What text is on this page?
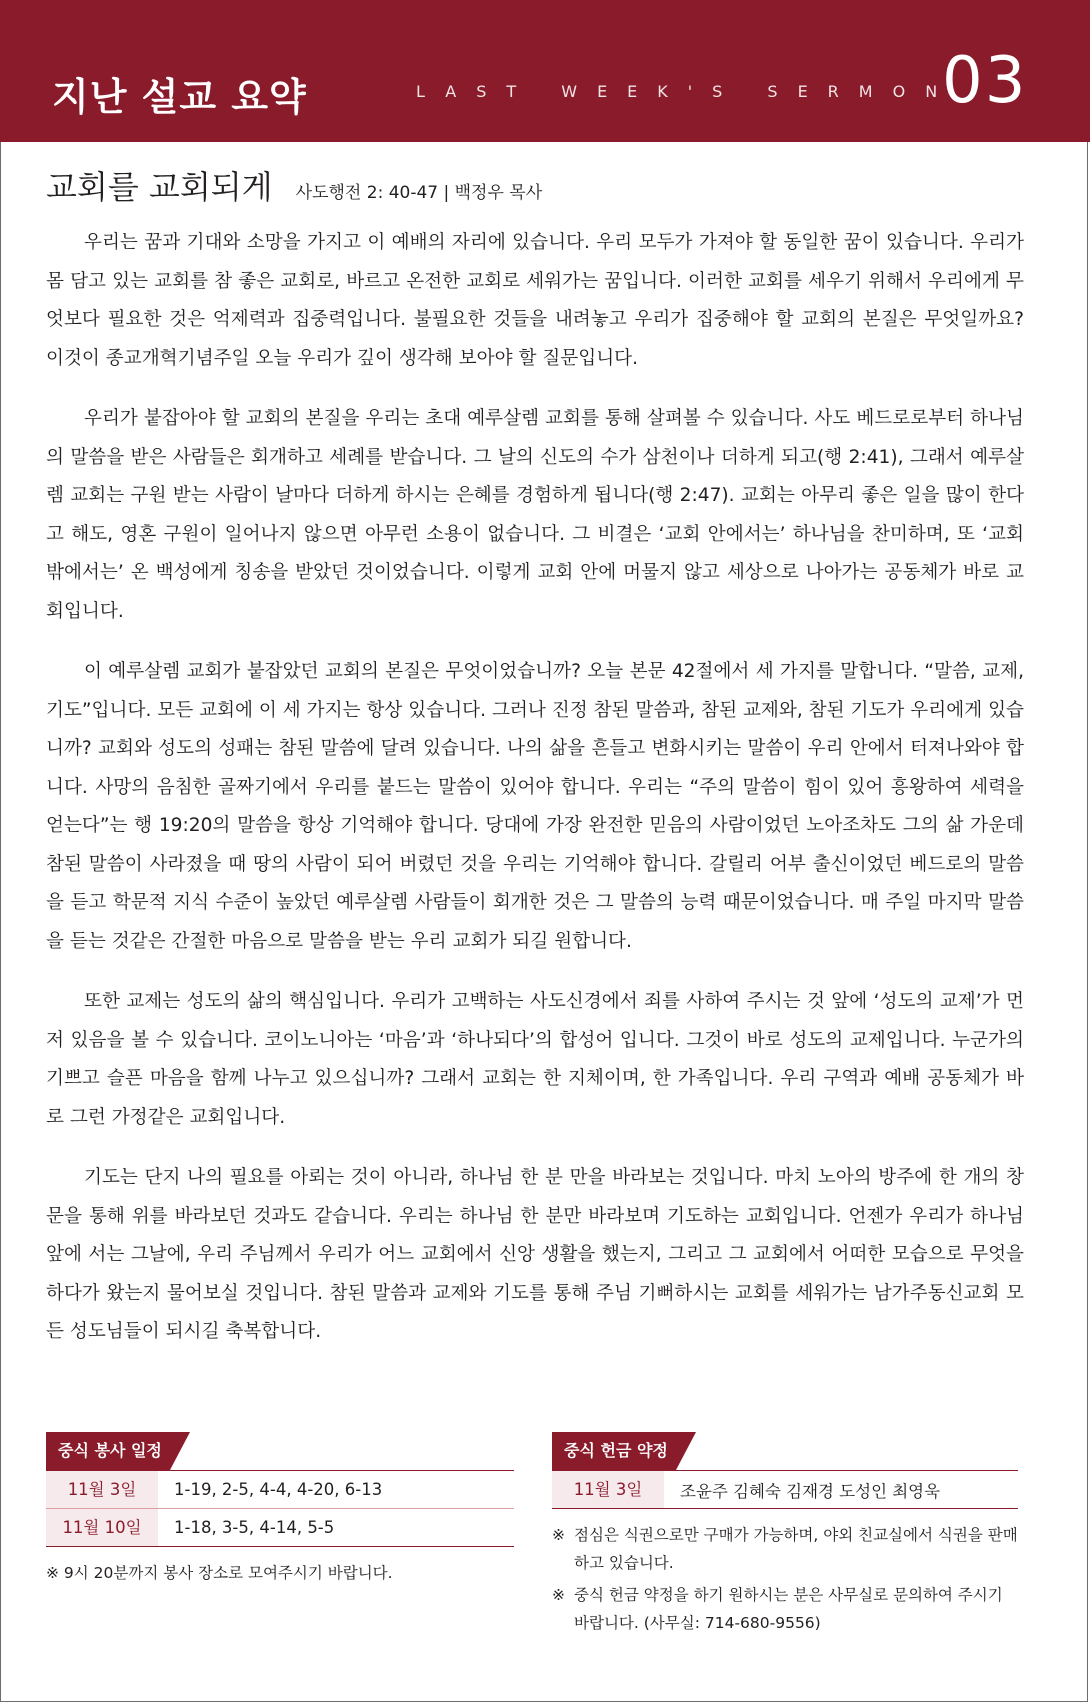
지난 설교 요약	LAST WEEK'S SERMON
03
교회를 교회되게 사도행전 2: 40-47 | 백정우 목사

우리는 꿈과 기대와 소망을 가지고 이 예배의 자리에 있습니다. 우리 모두가 가져야 할 동일한 꿈이 있습니다. 우리가 몸 담고 있는 교회를 참 좋은 교회로, 바르고 온전한 교회로 세워가는 꿈입니다. 이러한 교회를 세우기 위해서 우리에게 무엇보다 필요한 것은 억제력과 집중력입니다. 불필요한 것들을 내려놓고 우리가 집중해야 할 교회의 본질은 무엇일까요? 이것이 종교개혁기념주일 오늘 우리가 깊이 생각해 보아야 할 질문입니다.

우리가 붙잡아야 할 교회의 본질을 우리는 초대 예루살렘 교회를 통해 살펴볼 수 있습니다. 사도 베드로로부터 하나님의 말씀을 받은 사람들은 회개하고 세례를 받습니다. 그 날의 신도의 수가 삼천이나 더하게 되고(행 2:41), 그래서 예루살렘 교회는 구원 받는 사람이 날마다 더하게 하시는 은혜를 경험하게 됩니다(행 2:47). 교회는 아무리 좋은 일을 많이 한다고 해도, 영혼 구원이 일어나지 않으면 아무런 소용이 없습니다. 그 비결은 ‘교회 안에서는’ 하나님을 찬미하며, 또 ‘교회 밖에서는’ 온 백성에게 칭송을 받았던 것이었습니다. 이렇게 교회 안에 머물지 않고 세상으로 나아가는 공동체가 바로 교회입니다.

이 예루살렘 교회가 붙잡았던 교회의 본질은 무엇이었습니까? 오늘 본문 42절에서 세 가지를 말합니다. “말씀, 교제, 기도”입니다. 모든 교회에 이 세 가지는 항상 있습니다. 그러나 진정 참된 말씀과, 참된 교제와, 참된 기도가 우리에게 있습니까? 교회와 성도의 성패는 참된 말씀에 달려 있습니다. 나의 삶을 흔들고 변화시키는 말씀이 우리 안에서 터져나와야 합니다. 사망의 음침한 골짜기에서 우리를 붙드는 말씀이 있어야 합니다. 우리는 “주의 말씀이 힘이 있어 흥왕하여 세력을 얻는다”는 행 19:20의 말씀을 항상 기억해야 합니다. 당대에 가장 완전한 믿음의 사람이었던 노아조차도 그의 삶 가운데 참된 말씀이 사라졌을 때 땅의 사람이 되어 버렸던 것을 우리는 기억해야 합니다. 갈릴리 어부 출신이었던 베드로의 말씀을 듣고 학문적 지식 수준이 높았던 예루살렘 사람들이 회개한 것은 그 말씀의 능력 때문이었습니다. 매 주일 마지막 말씀을 듣는 것같은 간절한 마음으로 말씀을 받는 우리 교회가 되길 원합니다.

또한 교제는 성도의 삶의 핵심입니다. 우리가 고백하는 사도신경에서 죄를 사하여 주시는 것 앞에 ‘성도의 교제’가 먼저 있음을 볼 수 있습니다. 코이노니아는 ‘마음’과 ‘하나되다’의 합성어 입니다. 그것이 바로 성도의 교제입니다. 누군가의 기쁘고 슬픈 마음을 함께 나누고 있으십니까? 그래서 교회는 한 지체이며, 한 가족입니다. 우리 구역과 예배 공동체가 바로 그런 가정같은 교회입니다.

기도는 단지 나의 필요를 아뢰는 것이 아니라, 하나님 한 분 만을 바라보는 것입니다. 마치 노아의 방주에 한 개의 창문을 통해 위를 바라보던 것과도 같습니다. 우리는 하나님 한 분만 바라보며 기도하는 교회입니다. 언젠가 우리가 하나님 앞에 서는 그날에, 우리 주님께서 우리가 어느 교회에서 신앙 생활을 했는지, 그리고 그 교회에서 어떠한 모습으로 무엇을 하다가 왔는지 물어보실 것입니다. 참된 말씀과 교제와 기도를 통해 주님 기뻐하시는 교회를 세워가는 남가주동신교회 모든 성도님들이 되시길 축복합니다.

중식 봉사 일정
11월 3일	1-19, 2-5, 4-4, 4-20, 6-13
11월 10일	1-18, 3-5, 4-14, 5-5
※ 9시 20분까지 봉사 장소로 모여주시기 바랍니다.
중식 헌금 약정
11월 3일	조윤주 김혜숙 김재경 도성인 최영욱
※ 점심은 식권으로만 구매가 가능하며, 야외 친교실에서 식권을 판매하고 있습니다.
※ 중식 헌금 약정을 하기 원하시는 분은 사무실로 문의하여 주시기 바랍니다. (사무실: 714-680-9556)
